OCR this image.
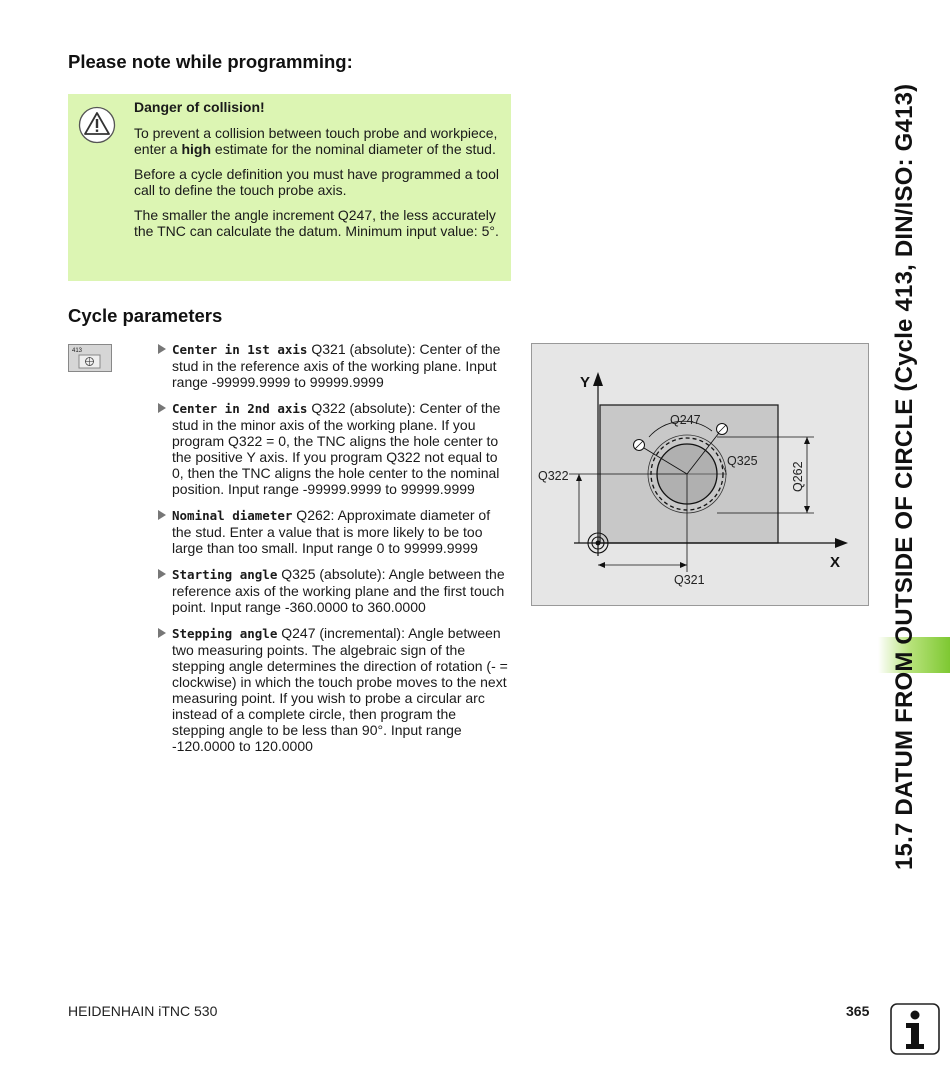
Please note while programming:

Danger of collision!

To prevent a collision between touch probe and workpiece, enter a high estimate for the nominal diameter of the stud.

Before a cycle definition you must have programmed a tool call to define the touch probe axis.

The smaller the angle increment Q247, the less accurately the TNC can calculate the datum. Minimum input value: 5°.

Cycle parameters
413	Center in 1st axis Q321 (absolute): Center of the stud in the reference axis of the working plane. Input range -99999.9999 to 99999.9999
Center in 2nd axis Q322 (absolute): Center of the stud in the minor axis of the working plane. If you program Q322 = 0, the TNC aligns the hole center to the positive Y axis. If you program Q322 not equal to 0, then the TNC aligns the hole center to the nominal position. Input range -99999.9999 to 99999.9999
Nominal diameter Q262: Approximate diameter of the stud. Enter a value that is more likely to be too large than too small. Input range 0 to 99999.9999
Starting angle Q325 (absolute): Angle between the reference axis of the working plane and the first touch point. Input range -360.0000 to 360.0000
Stepping angle Q247 (incremental): Angle between two measuring points. The algebraic sign of the stepping angle determines the direction of rotation (- = clockwise) in which the touch probe moves to the next measuring point. If you wish to probe a circular arc instead of a complete circle, then program the stepping angle to be less than 90°. Input range -120.0000 to 120.0000
Y
X
Q247
Q325
Q322
Q321
Q262	15.7 DATUM FROM OUTSIDE OF CIRCLE (Cycle 413, DIN/ISO: G413)
HEIDENHAIN iTNC 530	365
